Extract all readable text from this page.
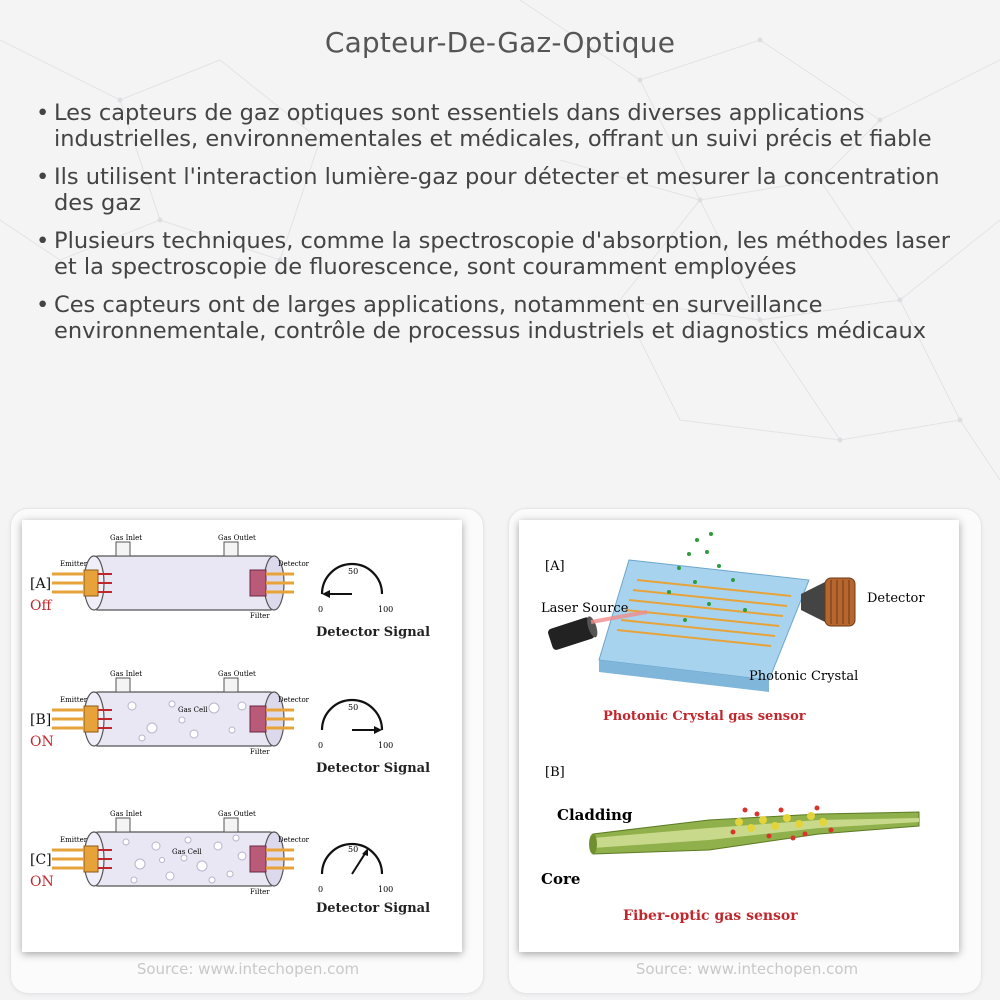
Capteur-De-Gaz-Optique
• Les capteurs de gaz optiques sont essentiels dans diverses applications industrielles, environnementales et médicales, offrant un suivi précis et fiable
• Ils utilisent l'interaction lumière-gaz pour détecter et mesurer la concentration des gaz
• Plusieurs techniques, comme la spectroscopie d'absorption, les méthodes laser et la spectroscopie de fluorescence, sont couramment employées
• Ces capteurs ont de larges applications, notamment en surveillance environnementale, contrôle de processus industriels et diagnostics médicaux
Gas Inlet	Gas Outlet
Emitter	Detector
Filter
[A]
Off
50
0	100
Detector Signal
Gas Inlet	Gas Outlet
Emitter	Detector
Gas Cell
Filter
[B]
ON
50
0	100
Detector Signal
Gas Inlet	Gas Outlet
Emitter	Detector
Gas Cell
Filter
[C]
ON
50
0	100
Detector Signal
[A]
Laser Source
Detector
Photonic Crystal
Photonic Crystal gas sensor
[B]
Cladding
Core
Fiber-optic gas sensor
Source: www.intechopen.com	Source: www.intechopen.com
